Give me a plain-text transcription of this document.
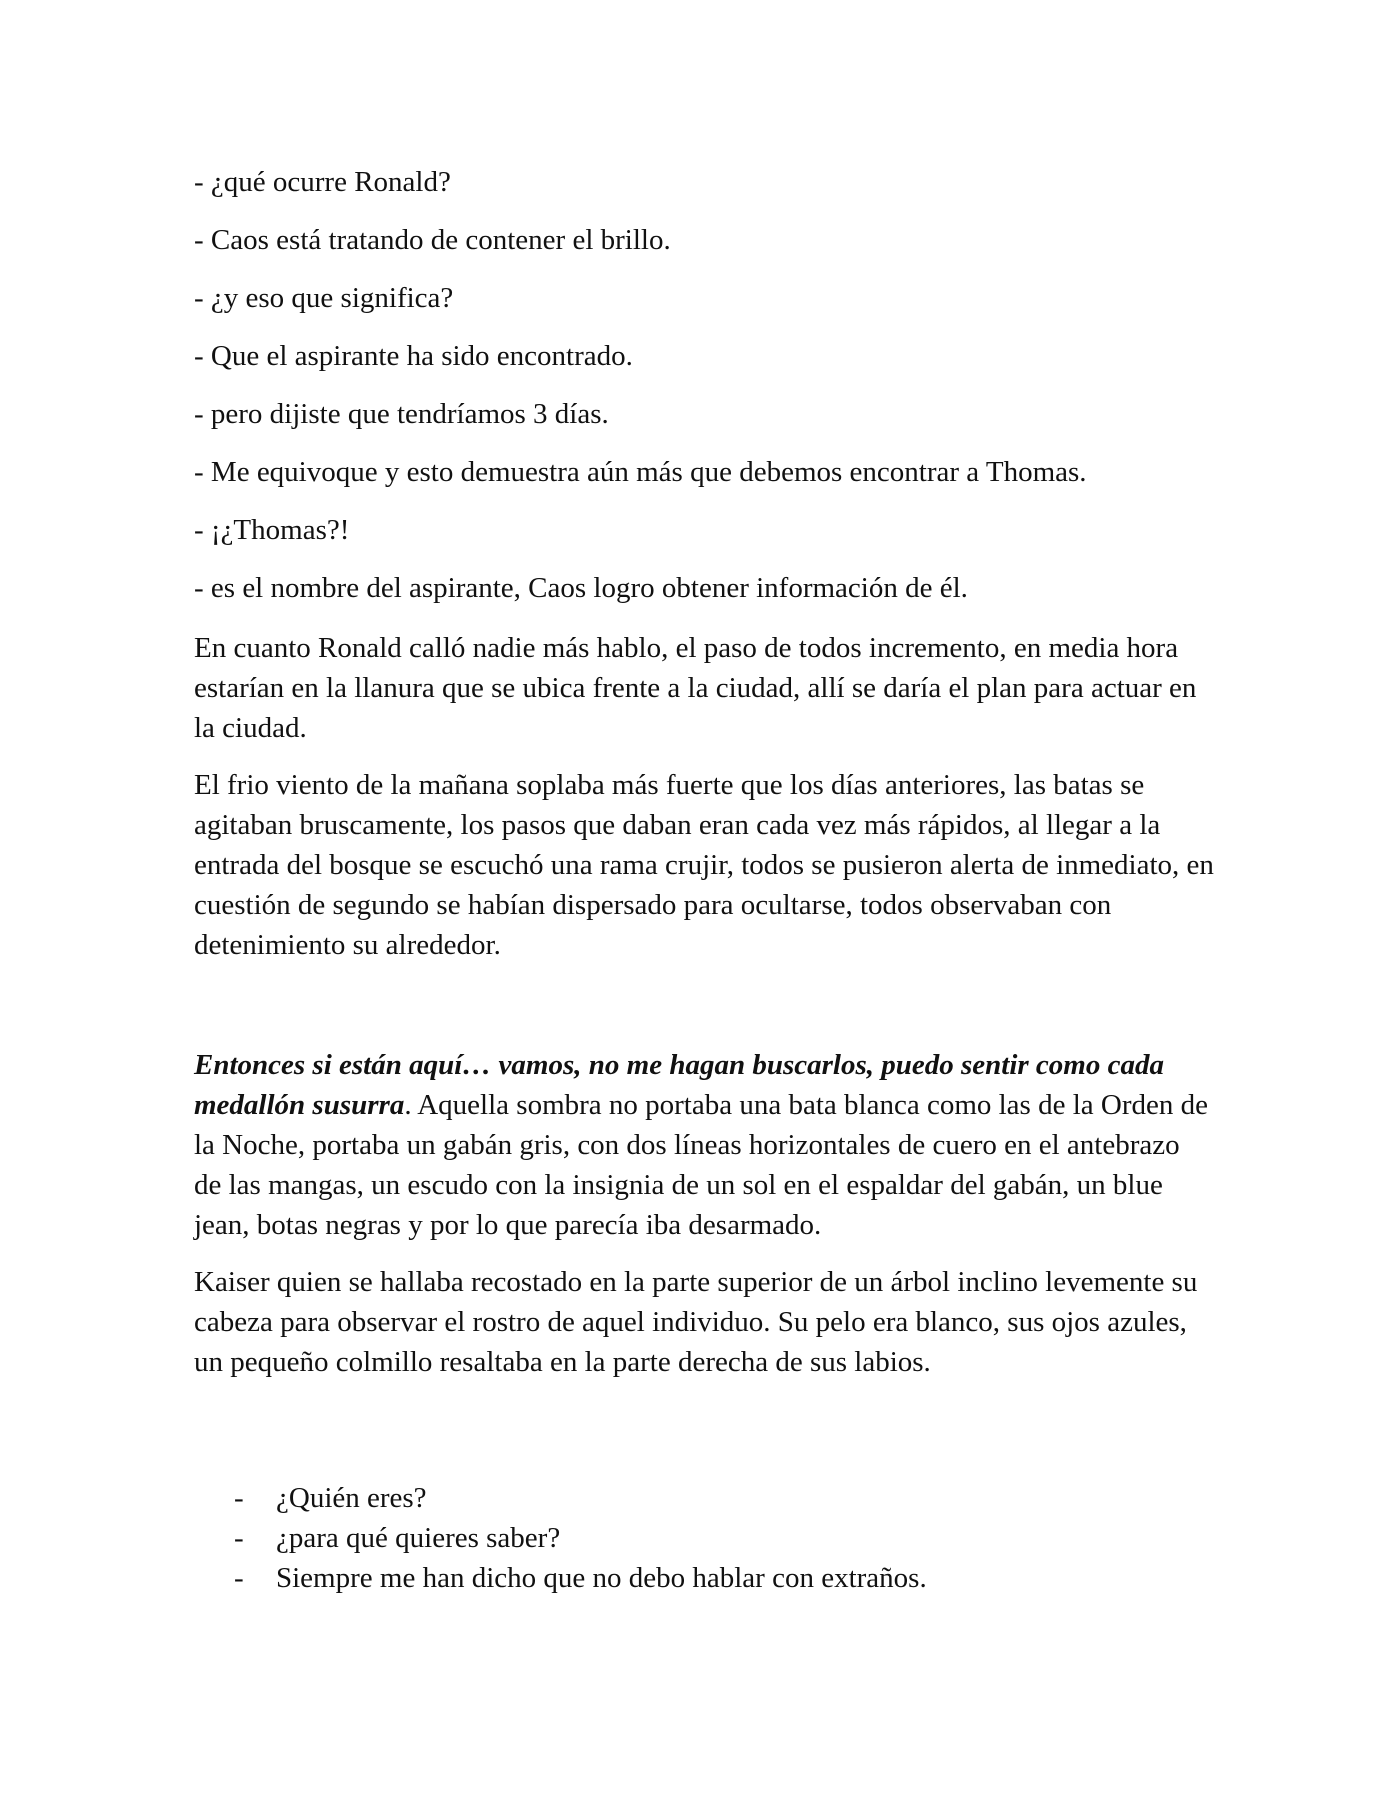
- ¿qué ocurre Ronald?

- Caos está tratando de contener el brillo.

- ¿y eso que significa?

- Que el aspirante ha sido encontrado.

- pero dijiste que tendríamos 3 días.

- Me equivoque y esto demuestra aún más que debemos encontrar a Thomas.

- ¡¿Thomas?!

- es el nombre del aspirante, Caos logro obtener información de él.

En cuanto Ronald calló nadie más hablo, el paso de todos incremento, en media hora estarían en la llanura que se ubica frente a la ciudad, allí se daría el plan para actuar en la ciudad.

El frio viento de la mañana soplaba más fuerte que los días anteriores, las batas se agitaban bruscamente, los pasos que daban eran cada vez más rápidos, al llegar a la entrada del bosque se escuchó una rama crujir, todos se pusieron alerta de inmediato, en cuestión de segundo se habían dispersado para ocultarse, todos observaban con detenimiento su alrededor.

Entonces si están aquí… vamos, no me hagan buscarlos, puedo sentir como cada medallón susurra. Aquella sombra no portaba una bata blanca como las de la Orden de la Noche, portaba un gabán gris, con dos líneas horizontales de cuero en el antebrazo de las mangas, un escudo con la insignia de un sol en el espaldar del gabán, un blue jean, botas negras y por lo que parecía iba desarmado.

Kaiser quien se hallaba recostado en la parte superior de un árbol inclino levemente su cabeza para observar el rostro de aquel individuo. Su pelo era blanco, sus ojos azules, un pequeño colmillo resaltaba en la parte derecha de sus labios.

- ¿Quién eres?
- ¿para qué quieres saber?
- Siempre me han dicho que no debo hablar con extraños.
